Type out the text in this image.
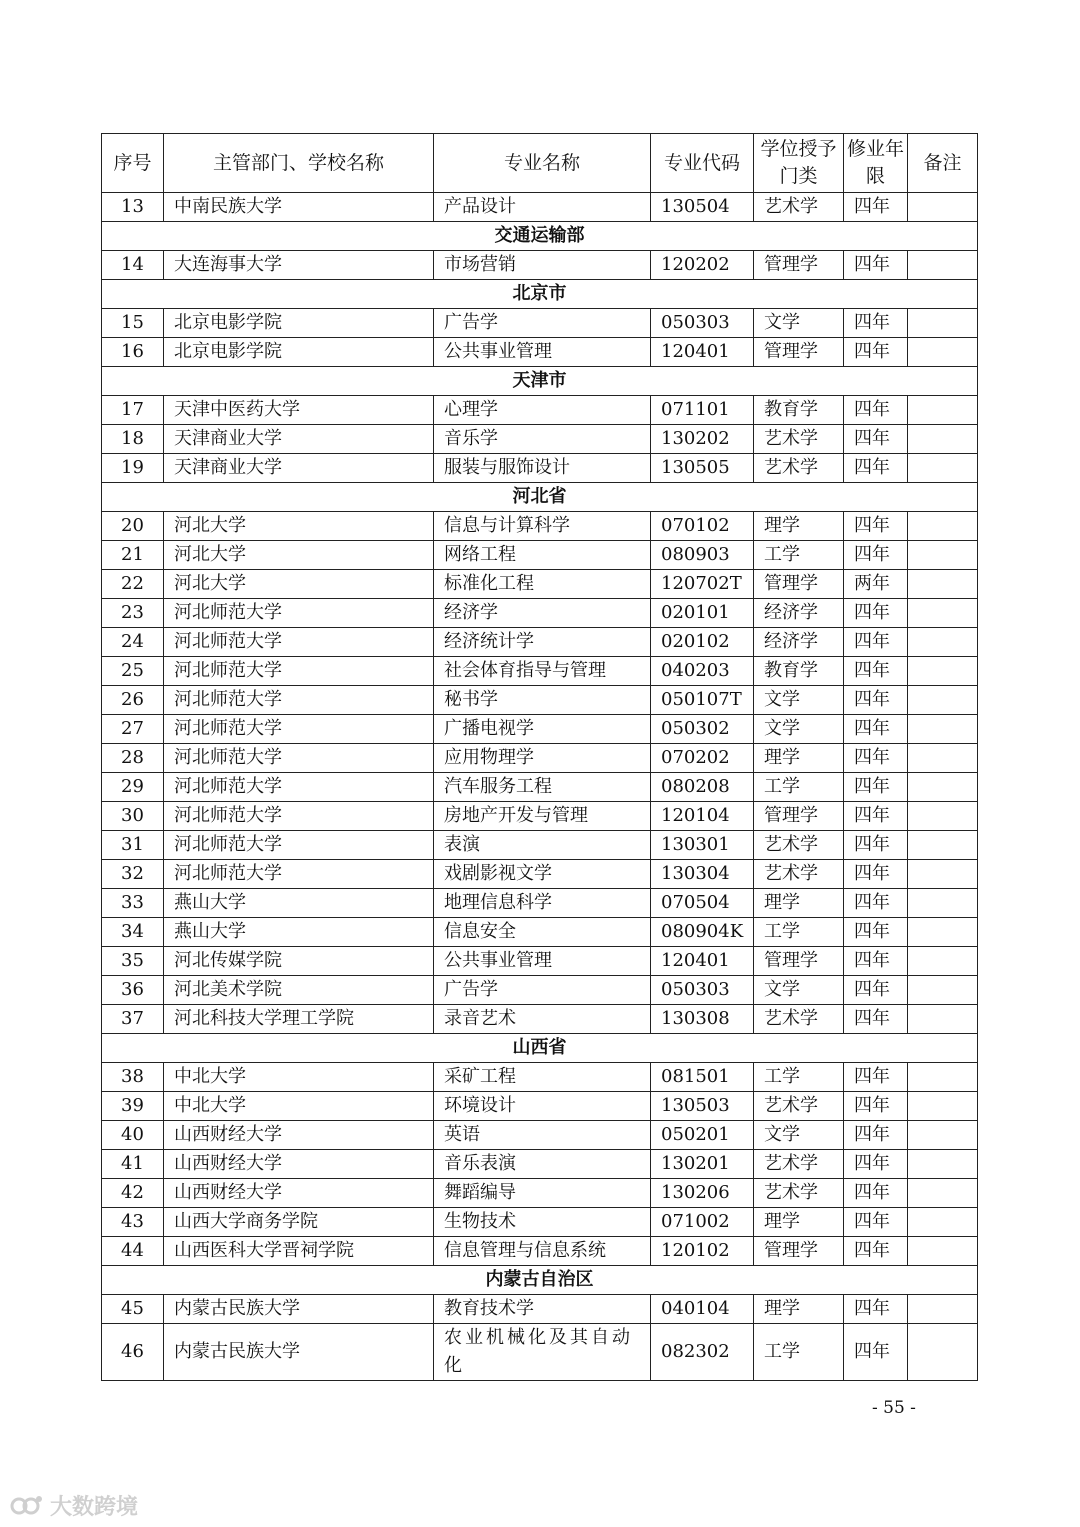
序号	主管部门、学校名称	专业名称	专业代码	学位授予门类	修业年限	备注
13	中南民族大学	产品设计	130504	艺术学	四年	
交通运输部						
14	大连海事大学	市场营销	120202	管理学	四年	
北京市						
15	北京电影学院	广告学	050303	文学	四年	
16	北京电影学院	公共事业管理	120401	管理学	四年	
天津市						
17	天津中医药大学	心理学	071101	教育学	四年	
18	天津商业大学	音乐学	130202	艺术学	四年	
19	天津商业大学	服装与服饰设计	130505	艺术学	四年	
河北省						
20	河北大学	信息与计算科学	070102	理学	四年	
21	河北大学	网络工程	080903	工学	四年	
22	河北大学	标准化工程	120702T	管理学	两年	
23	河北师范大学	经济学	020101	经济学	四年	
24	河北师范大学	经济统计学	020102	经济学	四年	
25	河北师范大学	社会体育指导与管理	040203	教育学	四年	
26	河北师范大学	秘书学	050107T	文学	四年	
27	河北师范大学	广播电视学	050302	文学	四年	
28	河北师范大学	应用物理学	070202	理学	四年	
29	河北师范大学	汽车服务工程	080208	工学	四年	
30	河北师范大学	房地产开发与管理	120104	管理学	四年	
31	河北师范大学	表演	130301	艺术学	四年	
32	河北师范大学	戏剧影视文学	130304	艺术学	四年	
33	燕山大学	地理信息科学	070504	理学	四年	
34	燕山大学	信息安全	080904K	工学	四年	
35	河北传媒学院	公共事业管理	120401	管理学	四年	
36	河北美术学院	广告学	050303	文学	四年	
37	河北科技大学理工学院	录音艺术	130308	艺术学	四年	
山西省						
38	中北大学	采矿工程	081501	工学	四年	
39	中北大学	环境设计	130503	艺术学	四年	
40	山西财经大学	英语	050201	文学	四年	
41	山西财经大学	音乐表演	130201	艺术学	四年	
42	山西财经大学	舞蹈编导	130206	艺术学	四年	
43	山西大学商务学院	生物技术	071002	理学	四年	
44	山西医科大学晋祠学院	信息管理与信息系统	120102	管理学	四年	
内蒙古自治区						
45	内蒙古民族大学	教育技术学	040104	理学	四年	
46	内蒙古民族大学	农业机械化及其自动化	082302	工学	四年	
- 55 -
大数跨境
